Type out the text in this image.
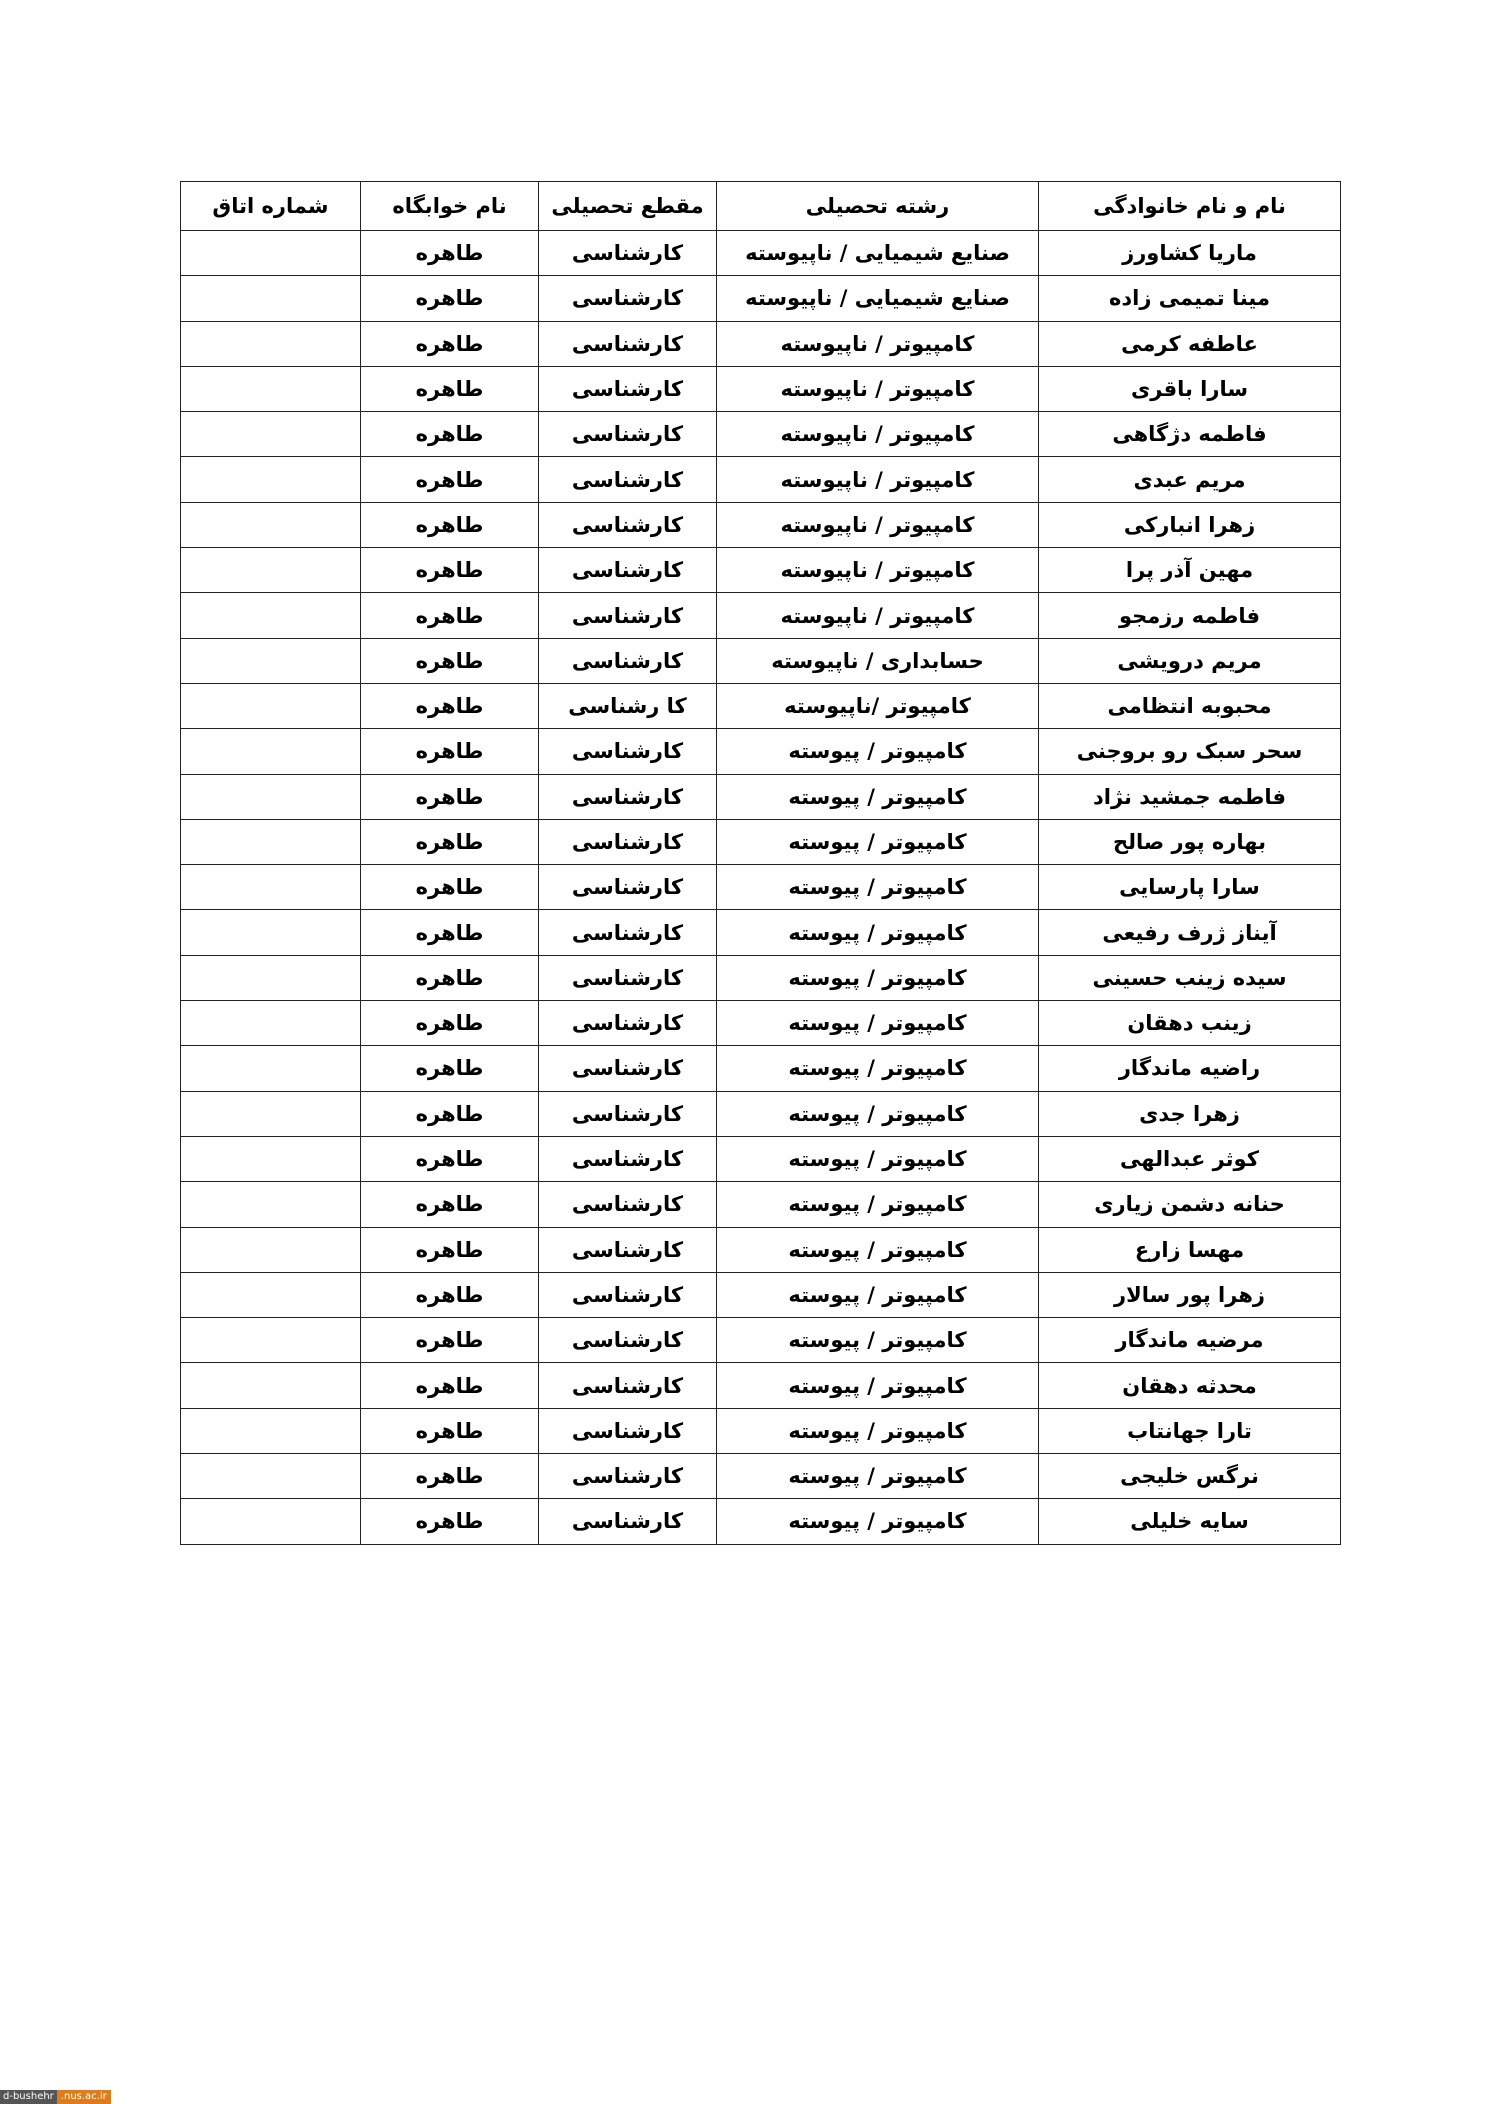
نام و نام خانوادگی	رشته تحصیلی	مقطع تحصیلی	نام خوابگاه	شماره اتاق
ماریا کشاورز	صنایع شیمیایی / ناپیوسته	کارشناسی	طاهره	
مینا تمیمی زاده	صنایع شیمیایی / ناپیوسته	کارشناسی	طاهره	
عاطفه کرمی	کامپیوتر / ناپیوسته	کارشناسی	طاهره	
سارا باقری	کامپیوتر / ناپیوسته	کارشناسی	طاهره	
فاطمه دژگاهی	کامپیوتر / ناپیوسته	کارشناسی	طاهره	
مریم عبدی	کامپیوتر / ناپیوسته	کارشناسی	طاهره	
زهرا انبارکی	کامپیوتر / ناپیوسته	کارشناسی	طاهره	
مهین آذر پرا	کامپیوتر / ناپیوسته	کارشناسی	طاهره	
فاطمه رزمجو	کامپیوتر / ناپیوسته	کارشناسی	طاهره	
مریم درویشی	حسابداری / ناپیوسته	کارشناسی	طاهره	
محبوبه انتظامی	کامپیوتر /ناپیوسته	کا رشناسی	طاهره	
سحر سبک رو بروجنی	کامپیوتر / پیوسته	کارشناسی	طاهره	
فاطمه جمشید نژاد	کامپیوتر / پیوسته	کارشناسی	طاهره	
بهاره پور صالح	کامپیوتر / پیوسته	کارشناسی	طاهره	
سارا پارسایی	کامپیوتر / پیوسته	کارشناسی	طاهره	
آیناز ژرف رفیعی	کامپیوتر / پیوسته	کارشناسی	طاهره	
سیده زینب حسینی	کامپیوتر / پیوسته	کارشناسی	طاهره	
زینب دهقان	کامپیوتر / پیوسته	کارشناسی	طاهره	
راضیه ماندگار	کامپیوتر / پیوسته	کارشناسی	طاهره	
زهرا جدی	کامپیوتر / پیوسته	کارشناسی	طاهره	
کوثر عبدالهی	کامپیوتر / پیوسته	کارشناسی	طاهره	
حنانه دشمن زیاری	کامپیوتر / پیوسته	کارشناسی	طاهره	
مهسا زارع	کامپیوتر / پیوسته	کارشناسی	طاهره	
زهرا پور سالار	کامپیوتر / پیوسته	کارشناسی	طاهره	
مرضیه ماندگار	کامپیوتر / پیوسته	کارشناسی	طاهره	
محدثه دهقان	کامپیوتر / پیوسته	کارشناسی	طاهره	
تارا جهانتاب	کامپیوتر / پیوسته	کارشناسی	طاهره	
نرگس خلیجی	کامپیوتر / پیوسته	کارشناسی	طاهره	
سایه خلیلی	کامپیوتر / پیوسته	کارشناسی	طاهره	
d-bushehr .nus.ac.ir
